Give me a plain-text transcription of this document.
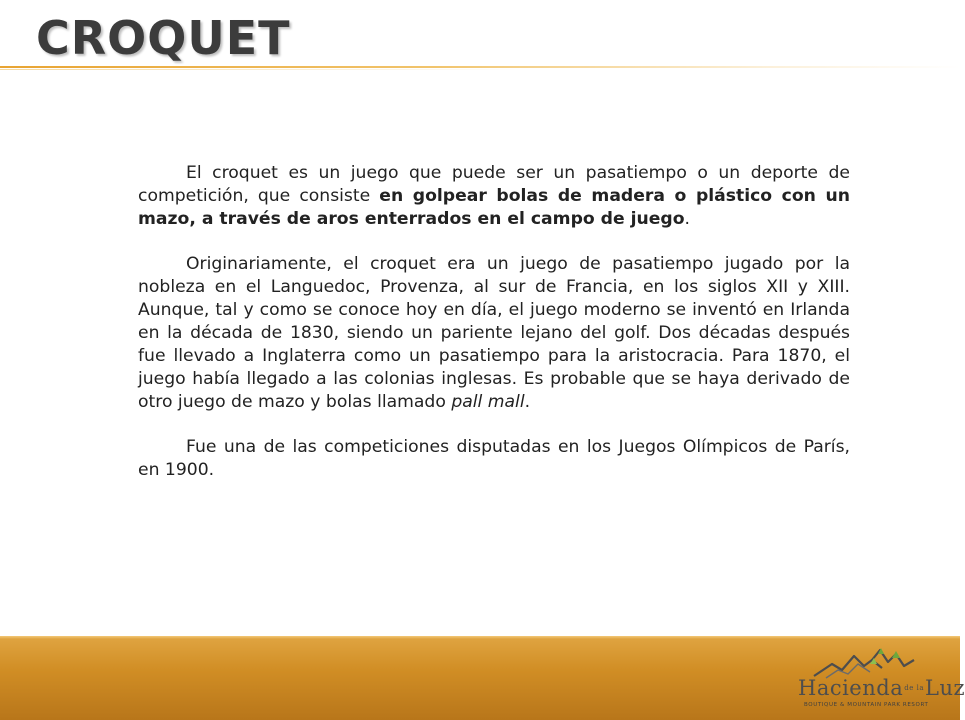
CROQUET

El croquet es un juego que puede ser un pasatiempo o un deporte de competición, que consiste en golpear bolas de madera o plástico con un mazo, a través de aros enterrados en el campo de juego.

Originariamente, el croquet era un juego de pasatiempo jugado por la nobleza en el Languedoc, Provenza, al sur de Francia, en los siglos XII y XIII. Aunque, tal y como se conoce hoy en día, el juego moderno se inventó en Irlanda en la década de 1830, siendo un pariente lejano del golf. Dos décadas después fue llevado a Inglaterra como un pasatiempo para la aristocracia. Para 1870, el juego había llegado a las colonias inglesas. Es probable que se haya derivado de otro juego de mazo y bolas llamado pall mall.

Fue una de las competiciones disputadas en los Juegos Olímpicos de París, en 1900.

Hacienda$^{de la}$Luz
BOUTIQUE & MOUNTAIN PARK RESORT
